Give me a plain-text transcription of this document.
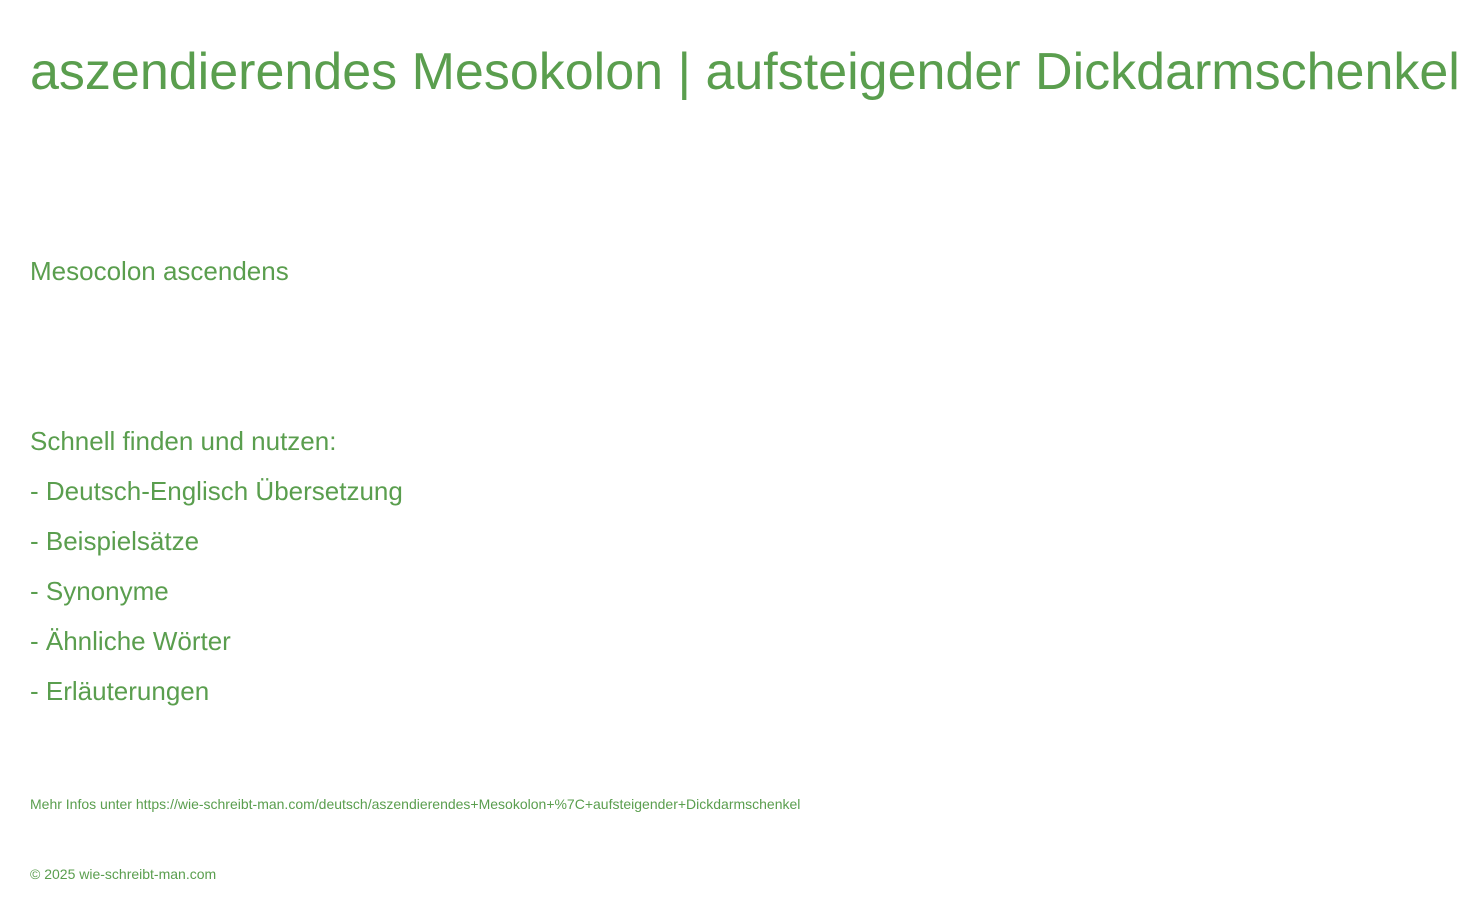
aszendierendes Mesokolon | aufsteigender Dickdarmschenkel

Mesocolon ascendens

Schnell finden und nutzen:
- Deutsch-Englisch Übersetzung
- Beispielsätze
- Synonyme
- Ähnliche Wörter
- Erläuterungen

Mehr Infos unter https://wie-schreibt-man.com/deutsch/aszendierendes+Mesokolon+%7C+aufsteigender+Dickdarmschenkel

© 2025 wie-schreibt-man.com
